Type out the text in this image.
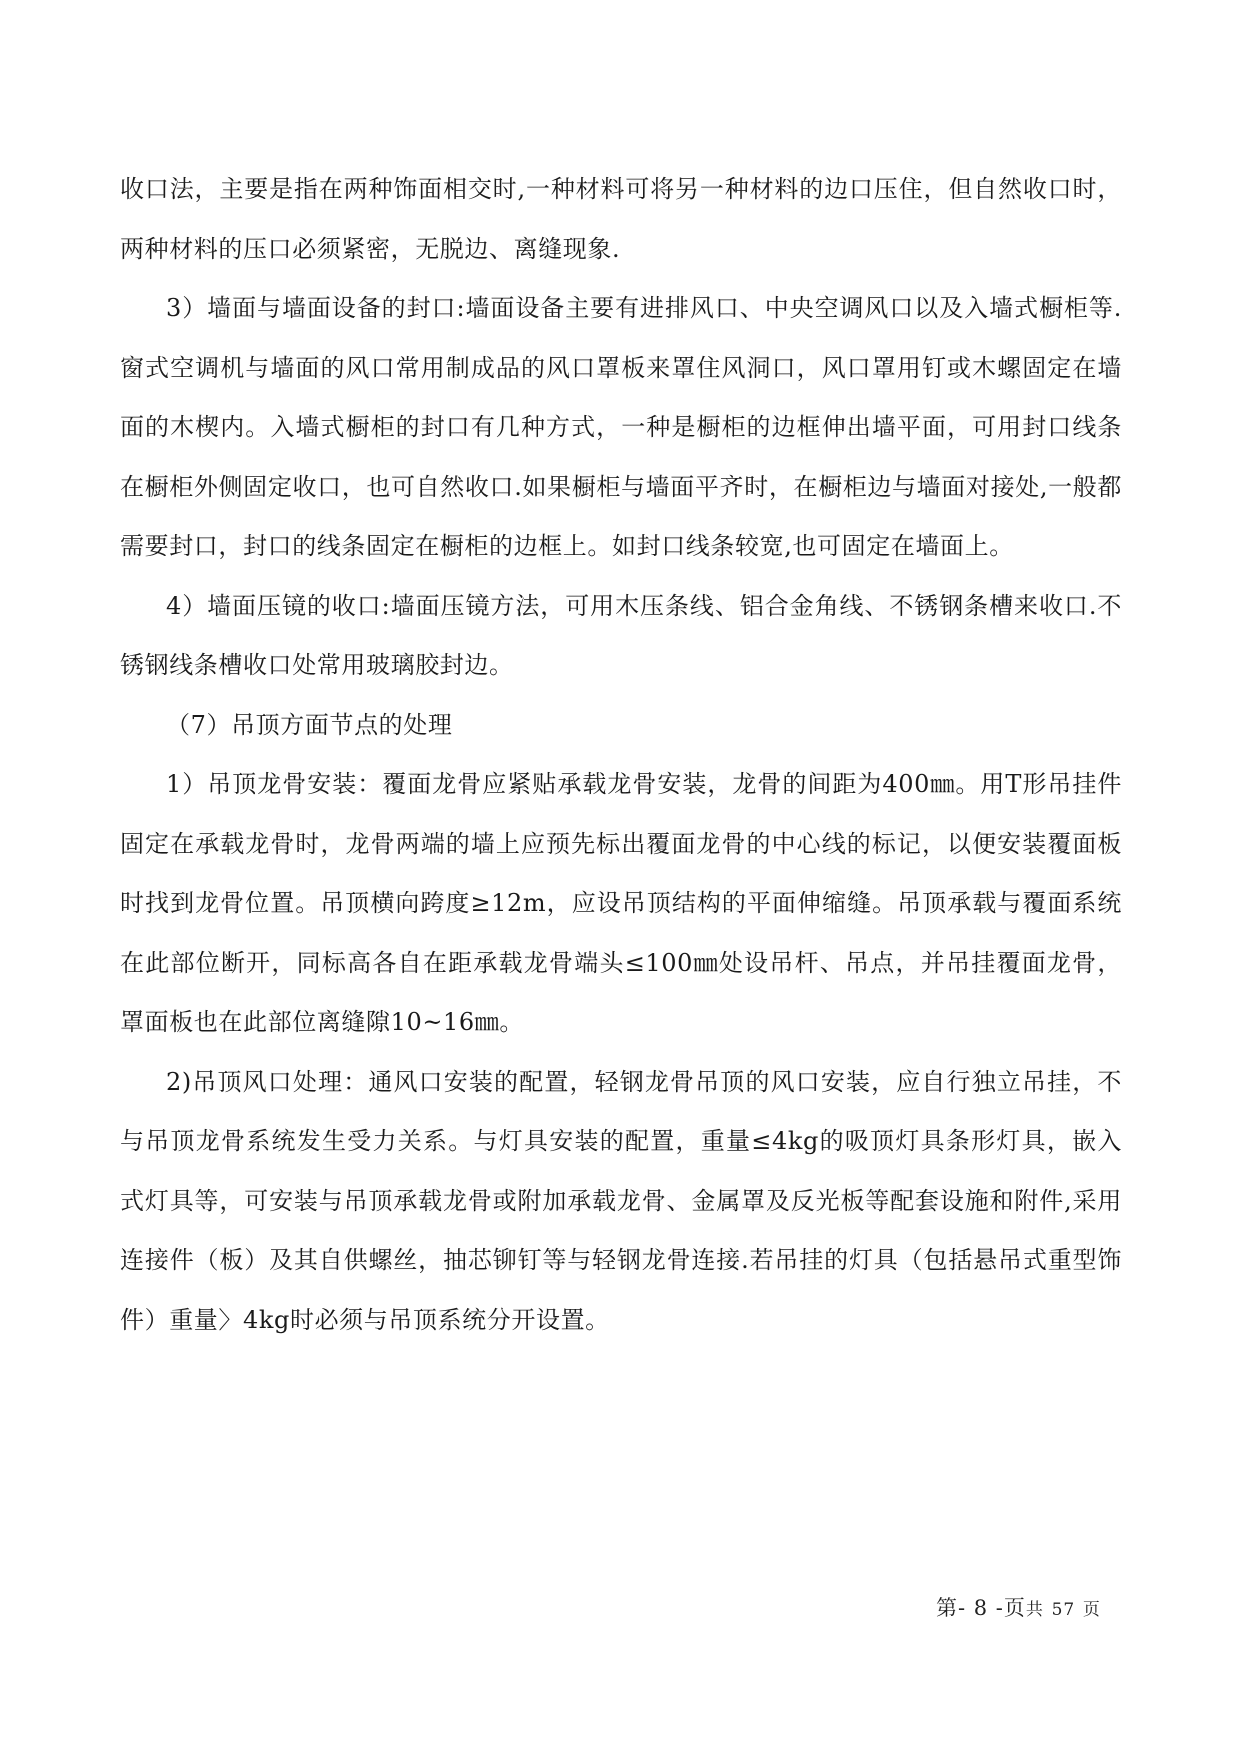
收口法，主要是指在两种饰面相交时,一种材料可将另一种材料的边口压住，但自然收口时，两种材料的压口必须紧密，无脱边、离缝现象.

3）墙面与墙面设备的封口:墙面设备主要有进排风口、中央空调风口以及入墙式橱柜等.窗式空调机与墙面的风口常用制成品的风口罩板来罩住风洞口，风口罩用钉或木螺固定在墙面的木楔内。入墙式橱柜的封口有几种方式，一种是橱柜的边框伸出墙平面，可用封口线条在橱柜外侧固定收口，也可自然收口.如果橱柜与墙面平齐时，在橱柜边与墙面对接处,一般都需要封口，封口的线条固定在橱柜的边框上。如封口线条较宽,也可固定在墙面上。

4）墙面压镜的收口:墙面压镜方法，可用木压条线、铝合金角线、不锈钢条槽来收口.不锈钢线条槽收口处常用玻璃胶封边。

（7）吊顶方面节点的处理

1）吊顶龙骨安装：覆面龙骨应紧贴承载龙骨安装，龙骨的间距为400㎜。用T形吊挂件固定在承载龙骨时，龙骨两端的墙上应预先标出覆面龙骨的中心线的标记，以便安装覆面板时找到龙骨位置。吊顶横向跨度≥12m，应设吊顶结构的平面伸缩缝。吊顶承载与覆面系统在此部位断开，同标高各自在距承载龙骨端头≤100㎜处设吊杆、吊点，并吊挂覆面龙骨，罩面板也在此部位离缝隙10~16㎜。

2)吊顶风口处理：通风口安装的配置，轻钢龙骨吊顶的风口安装，应自行独立吊挂，不与吊顶龙骨系统发生受力关系。与灯具安装的配置，重量≤4kg的吸顶灯具条形灯具，嵌入式灯具等，可安装与吊顶承载龙骨或附加承载龙骨、金属罩及反光板等配套设施和附件,采用连接件（板）及其自供螺丝，抽芯铆钉等与轻钢龙骨连接.若吊挂的灯具（包括悬吊式重型饰件）重量〉4kg时必须与吊顶系统分开设置。

第- 8 -页共 57 页
